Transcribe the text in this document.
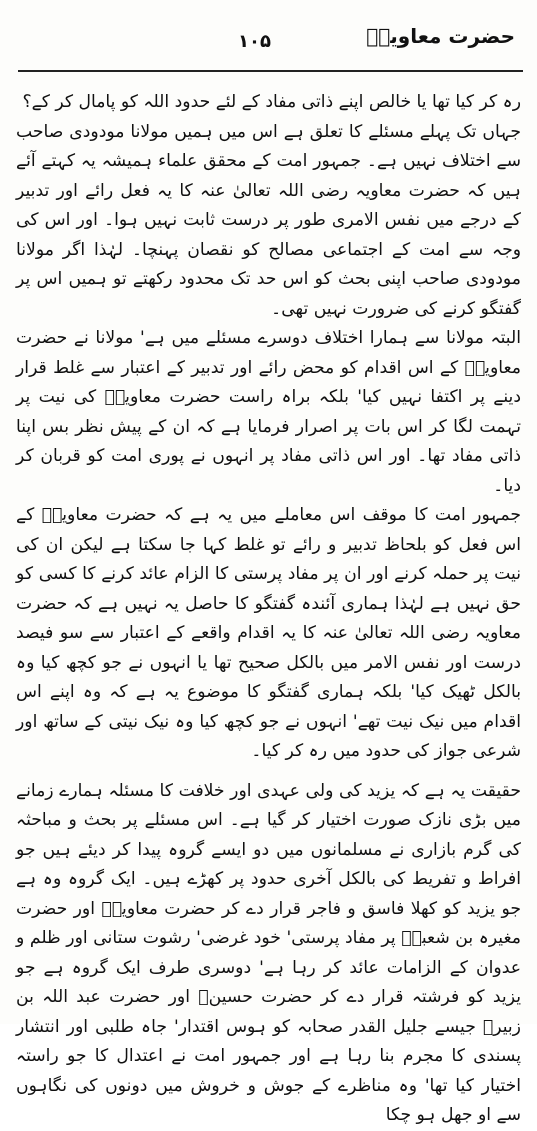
۱۰۵	حضرت معاویہؓ

رہ کر کیا تھا یا خالص اپنے ذاتی مفاد کے لئے حدود اللہ کو پامال کر کے؟

جہاں تک پہلے مسئلے کا تعلق ہے اس میں ہمیں مولانا مودودی صاحب سے اختلاف نہیں ہے۔ جمہور امت کے محقق علماء ہمیشہ یہ کہتے آئے ہیں کہ حضرت معاویہ رضی اللہ تعالیٰ عنہ کا یہ فعل رائے اور تدبیر کے درجے میں نفس الامری طور پر درست ثابت نہیں ہوا۔ اور اس کی وجہ سے امت کے اجتماعی مصالح کو نقصان پہنچا۔ لہٰذا اگر مولانا مودودی صاحب اپنی بحث کو اس حد تک محدود رکھتے تو ہمیں اس پر گفتگو کرنے کی ضرورت نہیں تھی۔

البتہ مولانا سے ہمارا اختلاف دوسرے مسئلے میں ہے' مولانا نے حضرت معاویہؓ کے اس اقدام کو محض رائے اور تدبیر کے اعتبار سے غلط قرار دینے پر اکتفا نہیں کیا' بلکہ براہ راست حضرت معاویہؓ کی نیت پر تہمت لگا کر اس بات پر اصرار فرمایا ہے کہ ان کے پیش نظر بس اپنا ذاتی مفاد تھا۔ اور اس ذاتی مفاد پر انہوں نے پوری امت کو قربان کر دیا۔

جمہور امت کا موقف اس معاملے میں یہ ہے کہ حضرت معاویہؓ کے اس فعل کو بلحاظ تدبیر و رائے تو غلط کہا جا سکتا ہے لیکن ان کی نیت پر حملہ کرنے اور ان پر مفاد پرستی کا الزام عائد کرنے کا کسی کو حق نہیں ہے لہٰذا ہماری آئندہ گفتگو کا حاصل یہ نہیں ہے کہ حضرت معاویہ رضی اللہ تعالیٰ عنہ کا یہ اقدام واقعے کے اعتبار سے سو فیصد درست اور نفس الامر میں بالکل صحیح تھا یا انہوں نے جو کچھ کیا وہ بالکل ٹھیک کیا' بلکہ ہماری گفتگو کا موضوع یہ ہے کہ وہ اپنے اس اقدام میں نیک نیت تھے' انہوں نے جو کچھ کیا وہ نیک نیتی کے ساتھ اور شرعی جواز کی حدود میں رہ کر کیا۔

حقیقت یہ ہے کہ یزید کی ولی عہدی اور خلافت کا مسئلہ ہمارے زمانے میں بڑی نازک صورت اختیار کر گیا ہے۔ اس مسئلے پر بحث و مباحثہ کی گرم بازاری نے مسلمانوں میں دو ایسے گروہ پیدا کر دیئے ہیں جو افراط و تفریط کی بالکل آخری حدود پر کھڑے ہیں۔ ایک گروہ وہ ہے جو یزید کو کھلا فاسق و فاجر قرار دے کر حضرت معاویہؓ اور حضرت مغیرہ بن شعبہؓ پر مفاد پرستی' خود غرضی' رشوت ستانی اور ظلم و عدوان کے الزامات عائد کر رہا ہے' دوسری طرف ایک گروہ ہے جو یزید کو فرشتہ قرار دے کر حضرت حسینؓ اور حضرت عبد اللہ بن زبیرؓ جیسے جلیل القدر صحابہ کو ہوس اقتدار' جاہ طلبی اور انتشار پسندی کا مجرم بنا رہا ہے اور جمہور امت نے اعتدال کا جو راستہ اختیار کیا تھا' وہ مناظرے کے جوش و خروش میں دونوں کی نگاہوں سے او جھل ہو چکا
